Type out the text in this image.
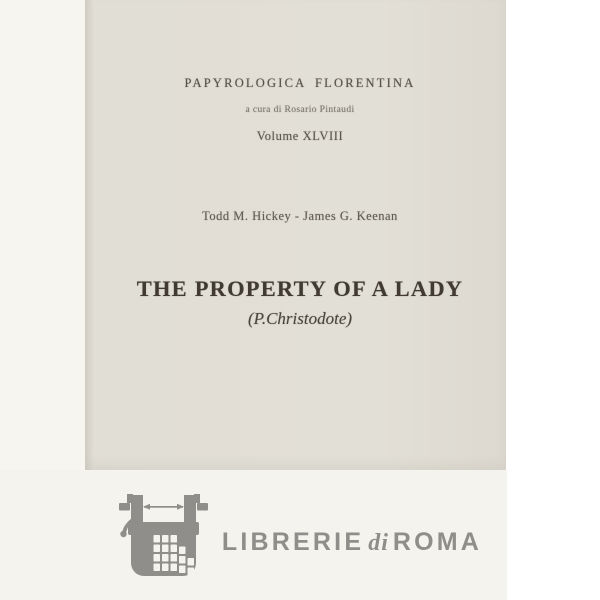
PAPYROLOGICA FLORENTINA
a cura di Rosario Pintaudi
Volume XLVIII
Todd M. Hickey - James G. Keenan
THE PROPERTY OF A LADY
(P.Christodote)
LIBRERIE di ROMA
